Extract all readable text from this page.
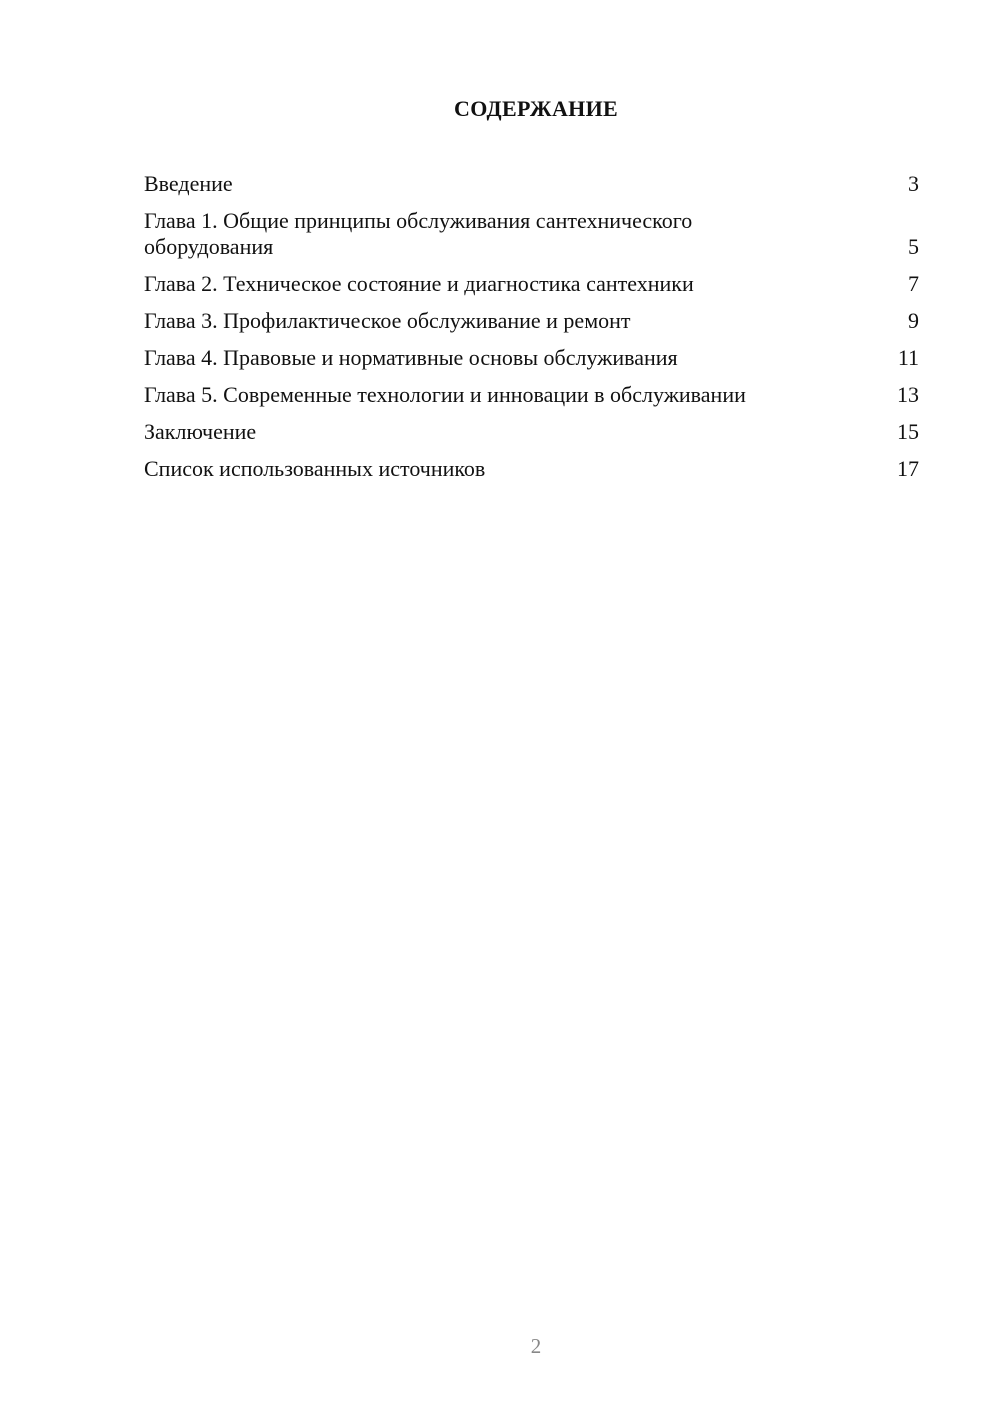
СОДЕРЖАНИЕ
Введение	3
Глава 1. Общие принципы обслуживания сантехнического оборудования	5
Глава 2. Техническое состояние и диагностика сантехники	7
Глава 3. Профилактическое обслуживание и ремонт	9
Глава 4. Правовые и нормативные основы обслуживания	11
Глава 5. Современные технологии и инновации в обслуживании	13
Заключение	15
Список использованных источников	17
2
